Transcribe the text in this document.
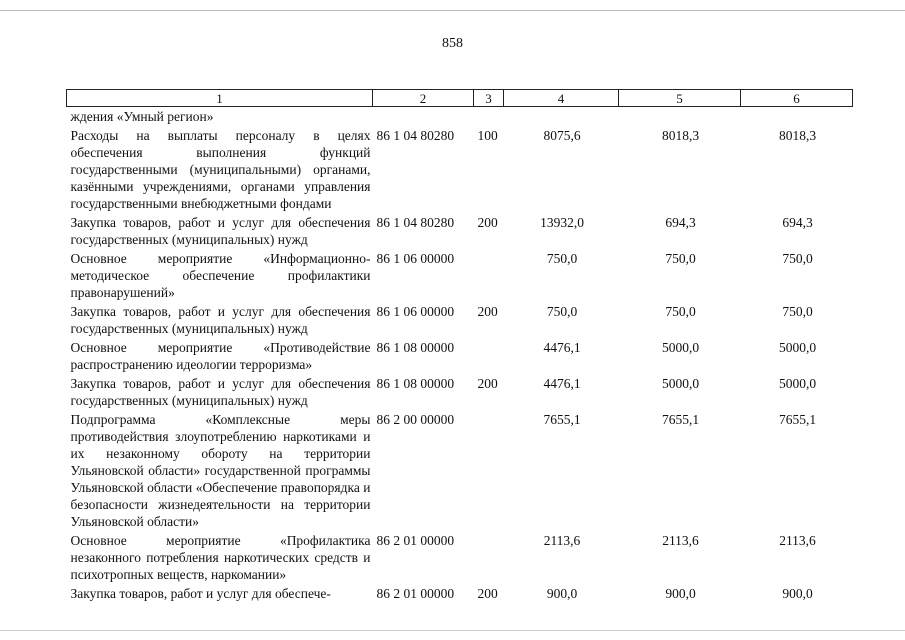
858
1	2	3	4	5	6
ждения «Умный регион»					
Расходы на выплаты персоналу в целях обеспечения выполнения функций государственными (муниципальными) органами, казёнными учреждениями, органами управления государственными внебюджетными фондами	86 1 04 80280	100	8075,6	8018,3	8018,3
Закупка товаров, работ и услуг для обеспечения государственных (муниципальных) нужд	86 1 04 80280	200	13932,0	694,3	694,3
Основное мероприятие «Информационно-методическое обеспечение профилактики правонарушений»	86 1 06 00000		750,0	750,0	750,0
Закупка товаров, работ и услуг для обеспечения государственных (муниципальных) нужд	86 1 06 00000	200	750,0	750,0	750,0
Основное мероприятие «Противодействие распространению идеологии терроризма»	86 1 08 00000		4476,1	5000,0	5000,0
Закупка товаров, работ и услуг для обеспечения государственных (муниципальных) нужд	86 1 08 00000	200	4476,1	5000,0	5000,0
Подпрограмма «Комплексные меры противодействия злоупотреблению наркотиками и их незаконному обороту на территории Ульяновской области» государственной программы Ульяновской области «Обеспечение правопорядка и безопасности жизнедеятельности на территории Ульяновской области»	86 2 00 00000		7655,1	7655,1	7655,1
Основное мероприятие «Профилактика незаконного потребления наркотических средств и психотропных веществ, наркомании»	86 2 01 00000		2113,6	2113,6	2113,6
Закупка товаров, работ и услуг для обеспече-	86 2 01 00000	200	900,0	900,0	900,0
